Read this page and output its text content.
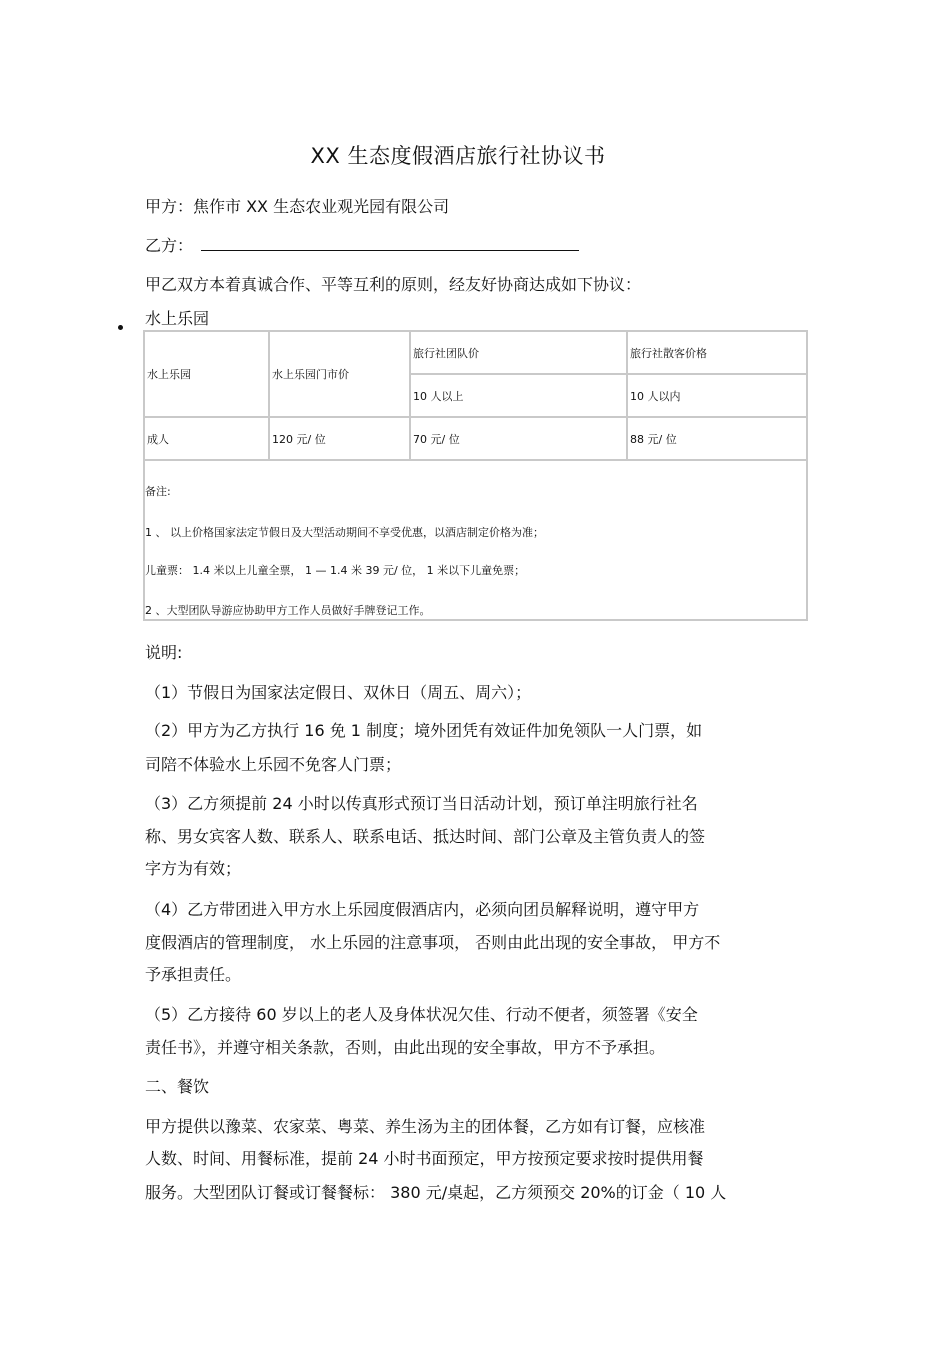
XX 生态度假酒店旅行社协议书
甲方：焦作市 XX 生态农业观光园有限公司
乙方：
甲乙双方本着真诚合作、平等互利的原则，经友好协商达成如下协议：
水上乐园
水上乐园	水上乐园门市价	旅行社团队价	旅行社散客价格
		10 人以上	10 人以内
成人	120 元/ 位	70 元/ 位	88 元/ 位

备注:
1 、 以上价格国家法定节假日及大型活动期间不享受优惠，以酒店制定价格为准；
儿童票： 1.4 米以上儿童全票， 1 — 1.4 米 39 元/ 位， 1 米以下儿童免票；
2 、大型团队导游应协助甲方工作人员做好手牌登记工作。			
说明:
（1）节假日为国家法定假日、双休日（周五、周六）；
（2）甲方为乙方执行 16 免 1 制度；境外团凭有效证件加免领队一人门票，如
司陪不体验水上乐园不免客人门票；
（3）乙方须提前 24 小时以传真形式预订当日活动计划，预订单注明旅行社名
称、男女宾客人数、联系人、联系电话、抵达时间、部门公章及主管负责人的签
字方为有效；
（4）乙方带团进入甲方水上乐园度假酒店内，必须向团员解释说明，遵守甲方
度假酒店的管理制度， 水上乐园的注意事项， 否则由此出现的安全事故， 甲方不
予承担责任。
（5）乙方接待 60 岁以上的老人及身体状况欠佳、行动不便者，须签署《安全
责任书》，并遵守相关条款，否则，由此出现的安全事故，甲方不予承担。
二、餐饮
甲方提供以豫菜、农家菜、粤菜、养生汤为主的团体餐，乙方如有订餐，应核准
人数、时间、用餐标准，提前 24 小时书面预定，甲方按预定要求按时提供用餐
服务。大型团队订餐或订餐餐标： 380 元/桌起，乙方须预交 20%的订金（ 10 人
